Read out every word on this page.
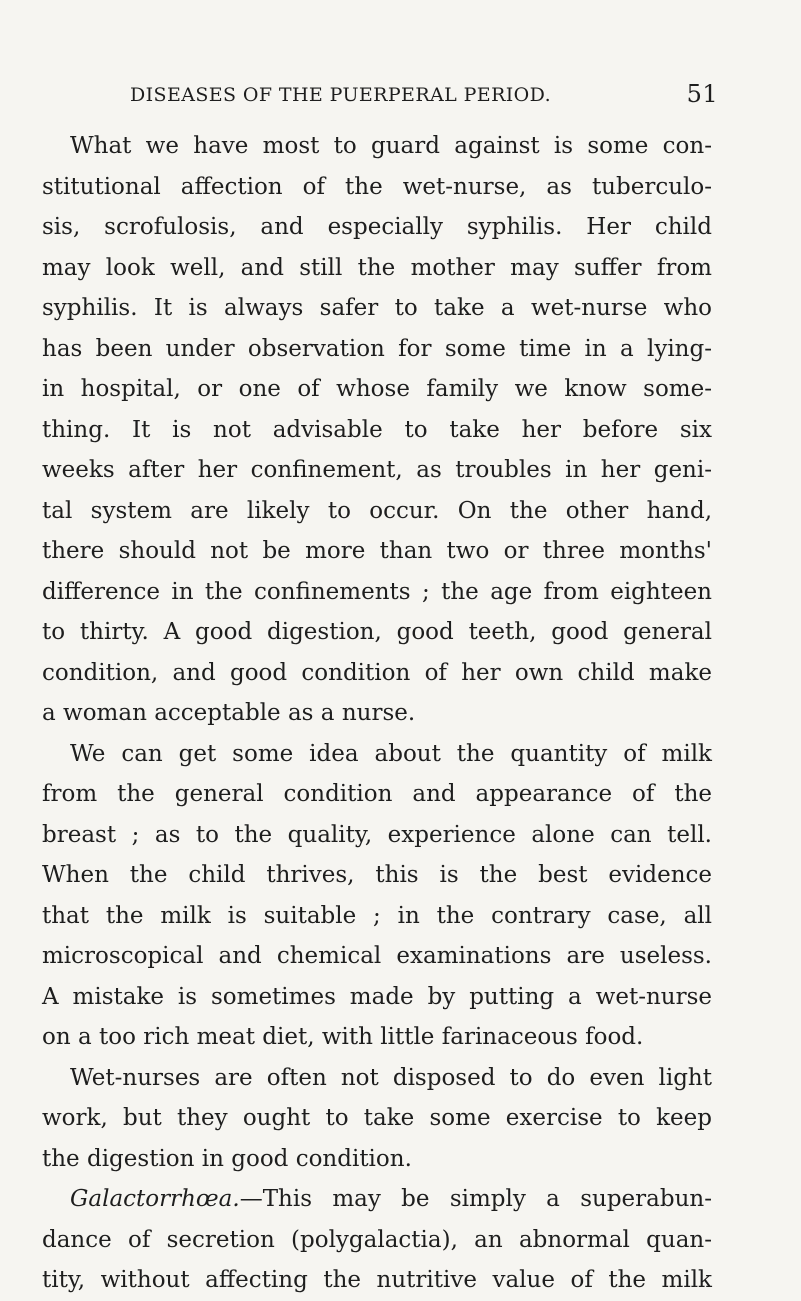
DISEASES OF THE PUERPERAL PERIOD.	51
What we have most to guard against is some con-
stitutional affection of the wet-nurse, as tuberculo-
sis, scrofulosis, and especially syphilis. Her child
may look well, and still the mother may suffer from
syphilis. It is always safer to take a wet-nurse who
has been under observation for some time in a lying-
in hospital, or one of whose family we know some-
thing. It is not advisable to take her before six
weeks after her confinement, as troubles in her geni-
tal system are likely to occur. On the other hand,
there should not be more than two or three months'
difference in the confinements ; the age from eighteen
to thirty. A good digestion, good teeth, good general
condition, and good condition of her own child make
a woman acceptable as a nurse.
We can get some idea about the quantity of milk
from the general condition and appearance of the
breast ; as to the quality, experience alone can tell.
When the child thrives, this is the best evidence
that the milk is suitable ; in the contrary case, all
microscopical and chemical examinations are useless.
A mistake is sometimes made by putting a wet-nurse
on a too rich meat diet, with little farinaceous food.
Wet-nurses are often not disposed to do even light
work, but they ought to take some exercise to keep
the digestion in good condition.
Galactorrhœa.—This may be simply a superabun-
dance of secretion (polygalactia), an abnormal quan-
tity, without affecting the nutritive value of the milk
